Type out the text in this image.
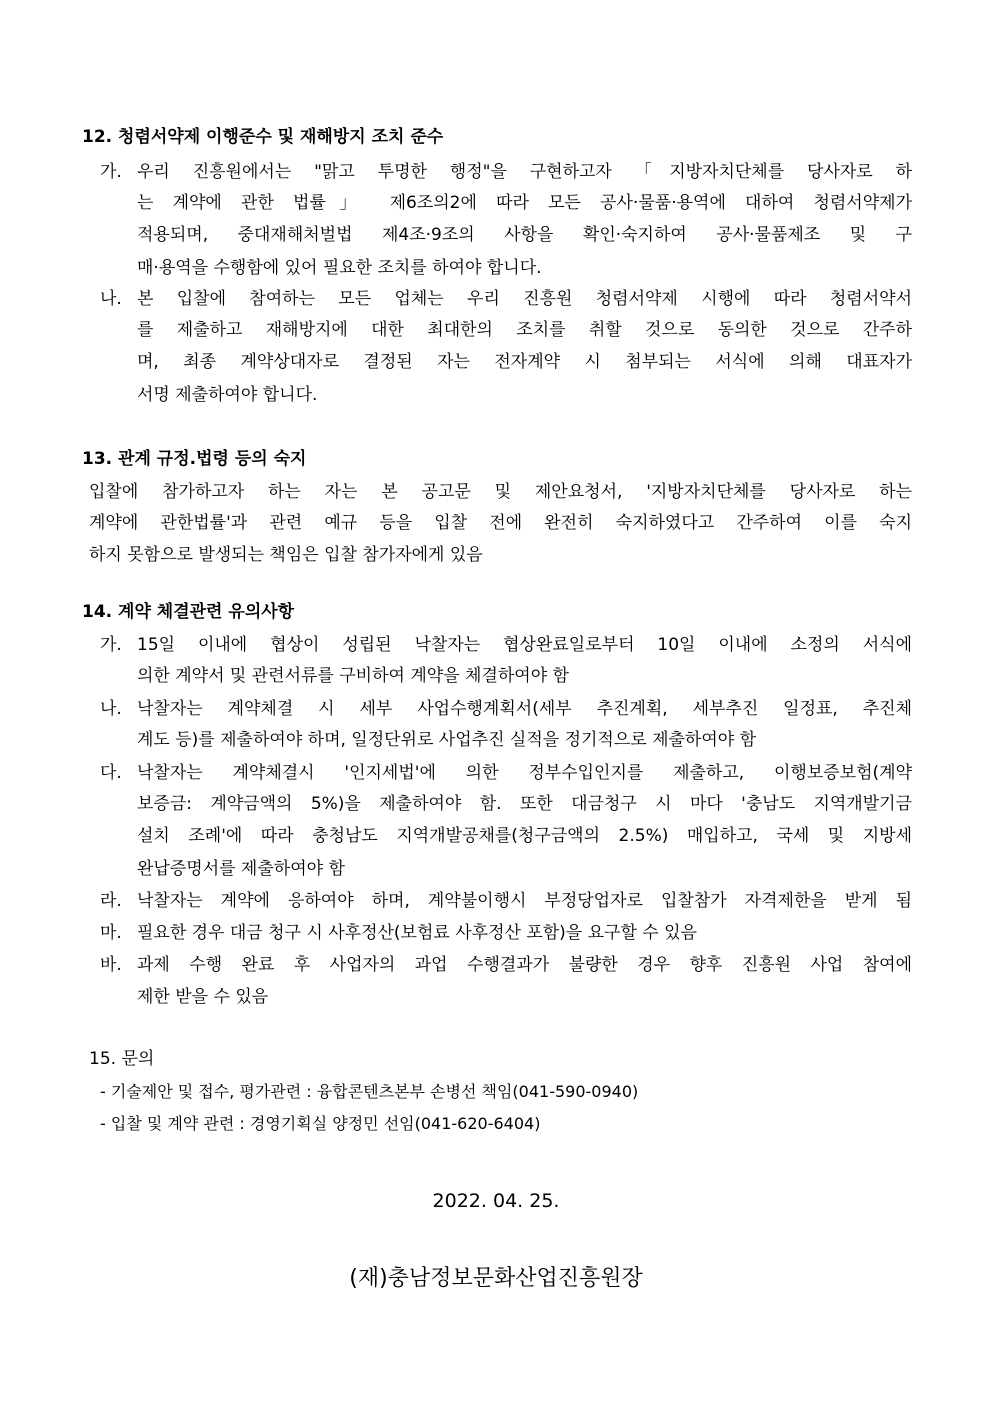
12. 청렴서약제 이행준수 및 재해방지 조치 준수
가. 우리 진흥원에서는 "맑고 투명한 행정"을 구현하고자 「지방자치단체를 당사자로 하
는 계약에 관한 법률」 제6조의2에 따라 모든 공사·물품·용역에 대하여 청렴서약제가
적용되며, 중대재해처벌법 제4조·9조의 사항을 확인·숙지하여 공사·물품제조 및 구
매·용역을 수행함에 있어 필요한 조치를 하여야 합니다.
나. 본 입찰에 참여하는 모든 업체는 우리 진흥원 청렴서약제 시행에 따라 청렴서약서
를 제출하고 재해방지에 대한 최대한의 조치를 취할 것으로 동의한 것으로 간주하
며, 최종 계약상대자로 결정된 자는 전자계약 시 첨부되는 서식에 의해 대표자가
서명 제출하여야 합니다.
13. 관계 규정.법령 등의 숙지
입찰에 참가하고자 하는 자는 본 공고문 및 제안요청서, '지방자치단체를 당사자로 하는
계약에 관한법률'과 관련 예규 등을 입찰 전에 완전히 숙지하였다고 간주하여 이를 숙지
하지 못함으로 발생되는 책임은 입찰 참가자에게 있음
14. 계약 체결관련 유의사항
가. 15일 이내에 협상이 성립된 낙찰자는 협상완료일로부터 10일 이내에 소정의 서식에
의한 계약서 및 관련서류를 구비하여 계약을 체결하여야 함
나. 낙찰자는 계약체결 시 세부 사업수행계획서(세부 추진계획, 세부추진 일정표, 추진체
계도 등)를 제출하여야 하며, 일정단위로 사업추진 실적을 정기적으로 제출하여야 함
다. 낙찰자는 계약체결시 '인지세법'에 의한 정부수입인지를 제출하고, 이행보증보험(계약
보증금: 계약금액의 5%)을 제출하여야 함. 또한 대금청구 시 마다 '충남도 지역개발기금
설치 조례'에 따라 충청남도 지역개발공채를(청구금액의 2.5%) 매입하고, 국세 및 지방세
완납증명서를 제출하여야 함
라. 낙찰자는 계약에 응하여야 하며, 계약불이행시 부정당업자로 입찰참가 자격제한을 받게 됨
마. 필요한 경우 대금 청구 시 사후정산(보험료 사후정산 포함)을 요구할 수 있음
바. 과제 수행 완료 후 사업자의 과업 수행결과가 불량한 경우 향후 진흥원 사업 참여에
제한 받을 수 있음
15. 문의
- 기술제안 및 접수, 평가관련 : 융합콘텐츠본부 손병선 책임(041-590-0940)
- 입찰 및 계약 관련 : 경영기획실 양정민 선임(041-620-6404)
2022. 04. 25.
(재)충남정보문화산업진흥원장
